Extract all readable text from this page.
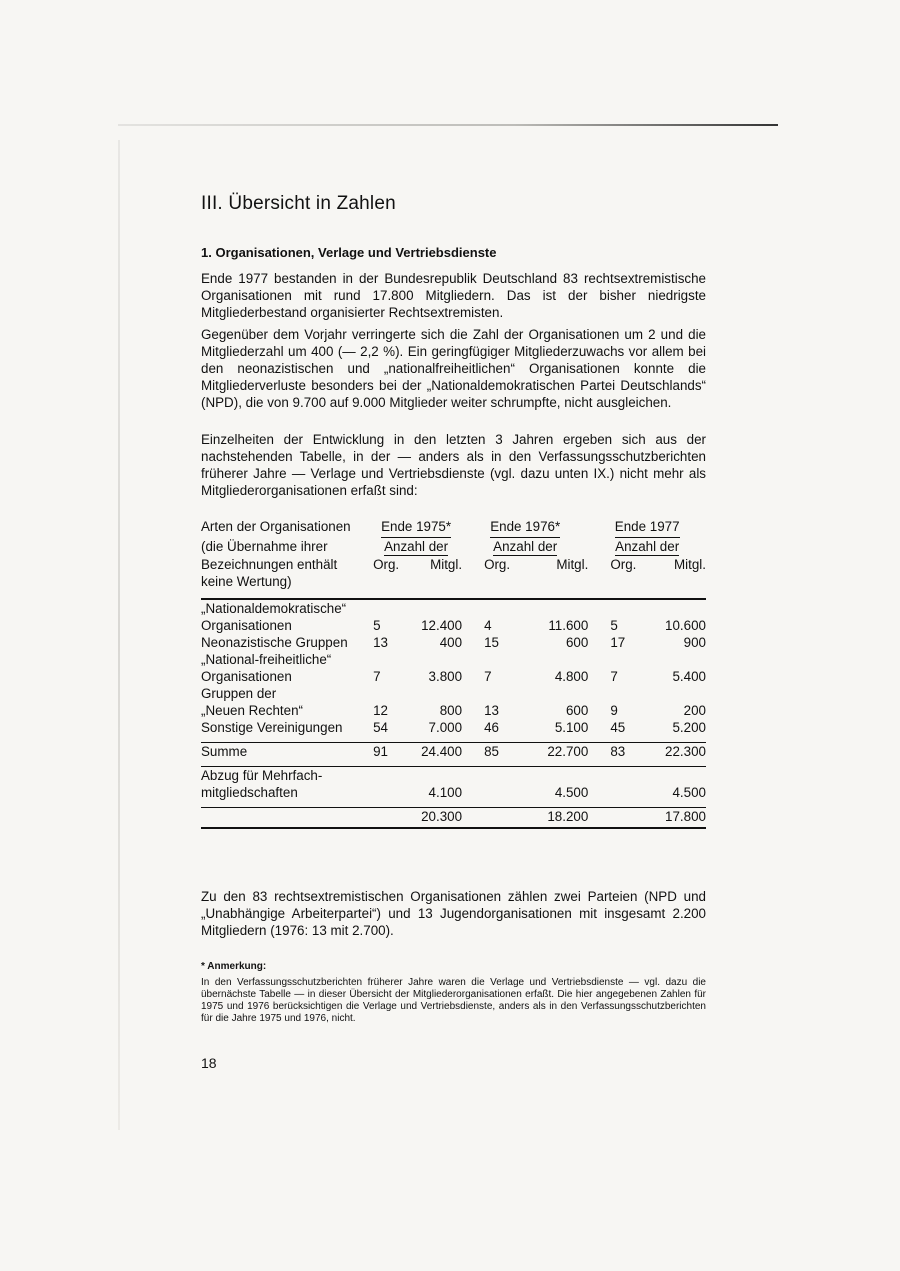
III. Übersicht in Zahlen
1. Organisationen, Verlage und Vertriebsdienste
Ende 1977 bestanden in der Bundesrepublik Deutschland 83 rechtsextremistische Organisationen mit rund 17.800 Mitgliedern. Das ist der bisher niedrigste Mitgliederbestand organisierter Rechtsextremisten.
Gegenüber dem Vorjahr verringerte sich die Zahl der Organisationen um 2 und die Mitgliederzahl um 400 (— 2,2 %). Ein geringfügiger Mitgliederzuwachs vor allem bei den neonazistischen und „nationalfreiheitlichen“ Organisationen konnte die Mitgliederverluste besonders bei der „Nationaldemokratischen Partei Deutschlands“ (NPD), die von 9.700 auf 9.000 Mitglieder weiter schrumpfte, nicht ausgleichen.
Einzelheiten der Entwicklung in den letzten 3 Jahren ergeben sich aus der nachstehenden Tabelle, in der — anders als in den Verfassungsschutzberichten früherer Jahre — Verlage und Vertriebsdienste (vgl. dazu unten IX.) nicht mehr als Mitgliederorganisationen erfaßt sind:
Arten der Organisationen	Ende 1975*		Ende 1976*		Ende 1977	
(die Übernahme ihrer	Anzahl der		Anzahl der		Anzahl der	
Bezeichnungen enthält	Org.	Mitgl.	Org.	Mitgl.	Org.	Mitgl.
keine Wertung)						

„Nationaldemokratische“						
Organisationen	5	12.400	4	11.600	5	10.600
Neonazistische Gruppen	13	400	15	600	17	900
„National-freiheitliche“						
Organisationen	7	3.800	7	4.800	7	5.400
Gruppen der						
„Neuen Rechten“	12	800	13	600	9	200
Sonstige Vereinigungen	54	7.000	46	5.100	45	5.200

Summe	91	24.400	85	22.700	83	22.300

Abzug für Mehrfach-						
mitgliedschaften		4.100		4.500		4.500

		20.300		18.200		17.800

Zu den 83 rechtsextremistischen Organisationen zählen zwei Parteien (NPD und „Unabhängige Arbeiterpartei“) und 13 Jugendorganisationen mit insgesamt 2.200 Mitgliedern (1976: 13 mit 2.700).
* Anmerkung:
In den Verfassungsschutzberichten früherer Jahre waren die Verlage und Vertriebsdienste — vgl. dazu die übernächste Tabelle — in dieser Übersicht der Mitgliederorganisationen erfaßt. Die hier angegebenen Zahlen für 1975 und 1976 berücksichtigen die Verlage und Vertriebsdienste, anders als in den Verfassungsschutzberichten für die Jahre 1975 und 1976, nicht.
18
